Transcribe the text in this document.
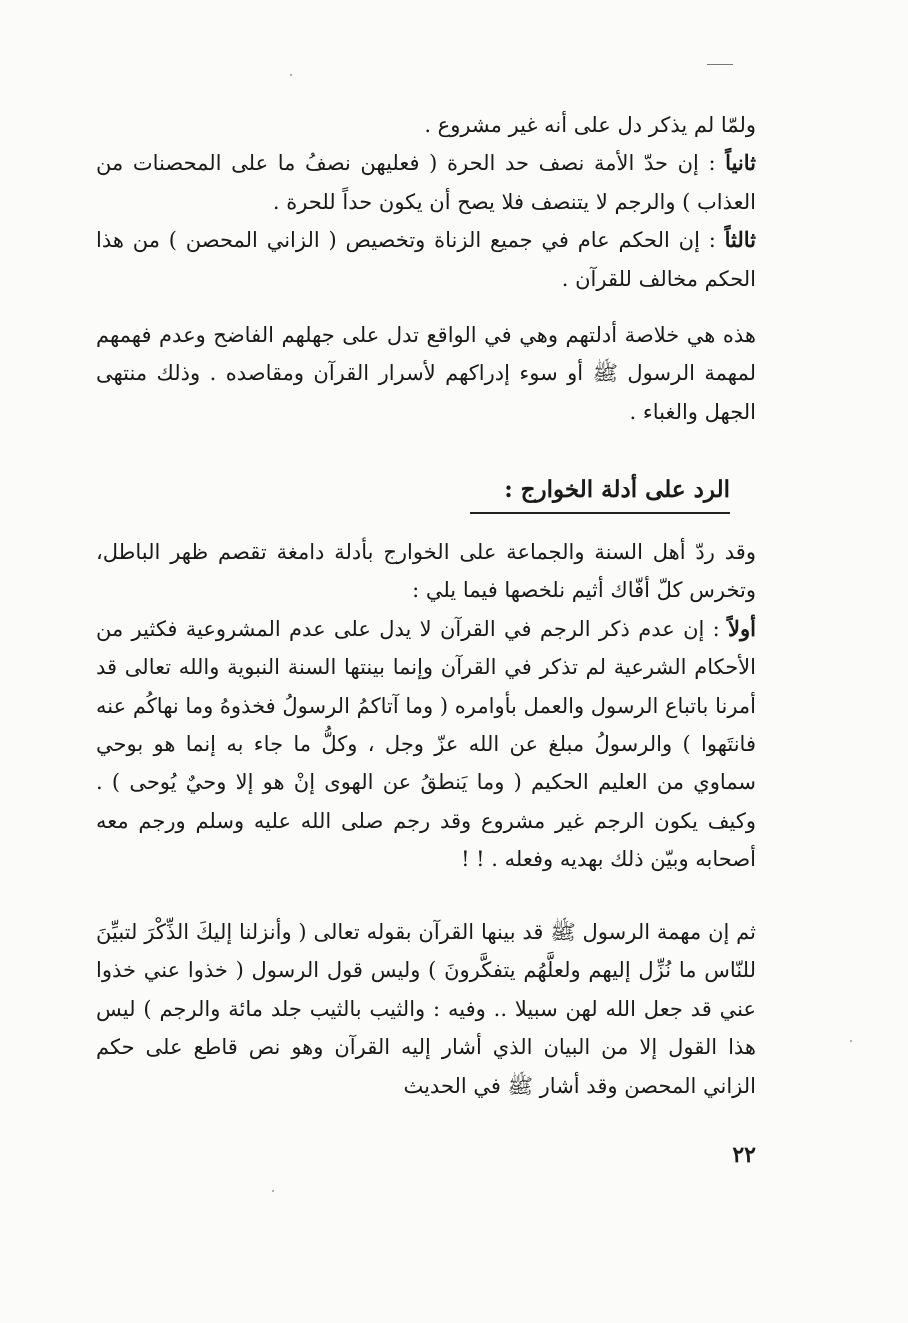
ولمّا لم يذكر دل على أنه غير مشروع .

ثانياً : إن حدّ الأمة نصف حد الحرة ( فعليهن نصفُ ما على المحصنات من العذاب ) والرجم لا يتنصف فلا يصح أن يكون حداً للحرة .

ثالثاً : إن الحكم عام في جميع الزناة وتخصيص ( الزاني المحصن ) من هذا الحكم مخالف للقرآن .

هذه هي خلاصة أدلتهم وهي في الواقع تدل على جهلهم الفاضح وعدم فهمهم لمهمة الرسول ﷺ أو سوء إدراكهم لأسرار القرآن ومقاصده . وذلك منتهى الجهل والغباء .

الرد على أدلة الخوارج :

وقد ردّ أهل السنة والجماعة على الخوارج بأدلة دامغة تقصم ظهر الباطل، وتخرس كلّ أفّاك أثيم نلخصها فيما يلي :

أولاً : إن عدم ذكر الرجم في القرآن لا يدل على عدم المشروعية فكثير من الأحكام الشرعية لم تذكر في القرآن وإنما بينتها السنة النبوية والله تعالى قد أمرنا باتباع الرسول والعمل بأوامره ( وما آتاكمُ الرسولُ فخذوهُ وما نهاكُم عنه فانتَهوا ) والرسولُ مبلغ عن الله عزّ وجل ، وكلُّ ما جاء به إنما هو بوحي سماوي من العليم الحكيم ( وما يَنطقُ عن الهوى إنْ هو إلا وحيٌ يُوحى ) . وكيف يكون الرجم غير مشروع وقد رجم صلى الله عليه وسلم ورجم معه أصحابه وبيّن ذلك بهديه وفعله . ! !

ثم إن مهمة الرسول ﷺ قد بينها القرآن بقوله تعالى ( وأنزلنا إليكَ الذِّكْرَ لتبيِّنَ للنّاس ما نُزِّل إليهم ولعلَّهُم يتفكَّرونَ ) وليس قول الرسول ( خذوا عني خذوا عني قد جعل الله لهن سبيلا .. وفيه : والثيب بالثيب جلد مائة والرجم ) ليس هذا القول إلا من البيان الذي أشار إليه القرآن وهو نص قاطع على حكم الزاني المحصن وقد أشار ﷺ في الحديث

٢٢
